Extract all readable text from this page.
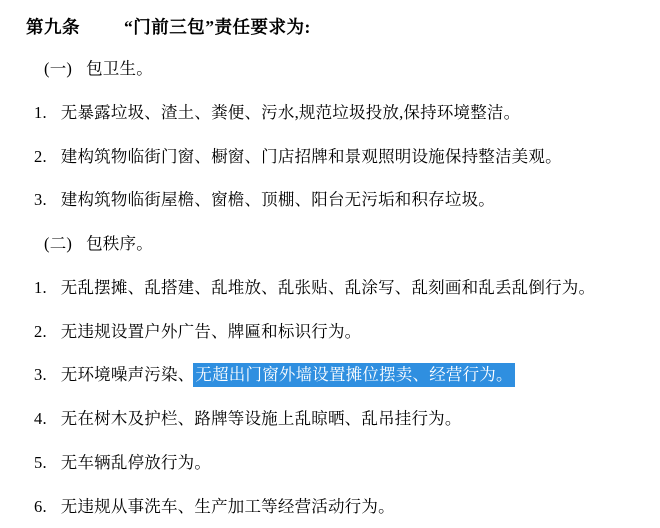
第九条	“门前三包”责任要求为:

(一) 包卫生。

1. 无暴露垃圾、渣土、粪便、污水,规范垃圾投放,保持环境整洁。

2. 建构筑物临街门窗、橱窗、门店招牌和景观照明设施保持整洁美观。

3. 建构筑物临街屋檐、窗檐、顶棚、阳台无污垢和积存垃圾。

(二) 包秩序。

1. 无乱摆摊、乱搭建、乱堆放、乱张贴、乱涂写、乱刻画和乱丢乱倒行为。

2. 无违规设置户外广告、牌匾和标识行为。

3. 无环境噪声污染、无超出门窗外墙设置摊位摆卖、经营行为。

4. 无在树木及护栏、路牌等设施上乱晾晒、乱吊挂行为。

5. 无车辆乱停放行为。

6. 无违规从事洗车、生产加工等经营活动行为。
